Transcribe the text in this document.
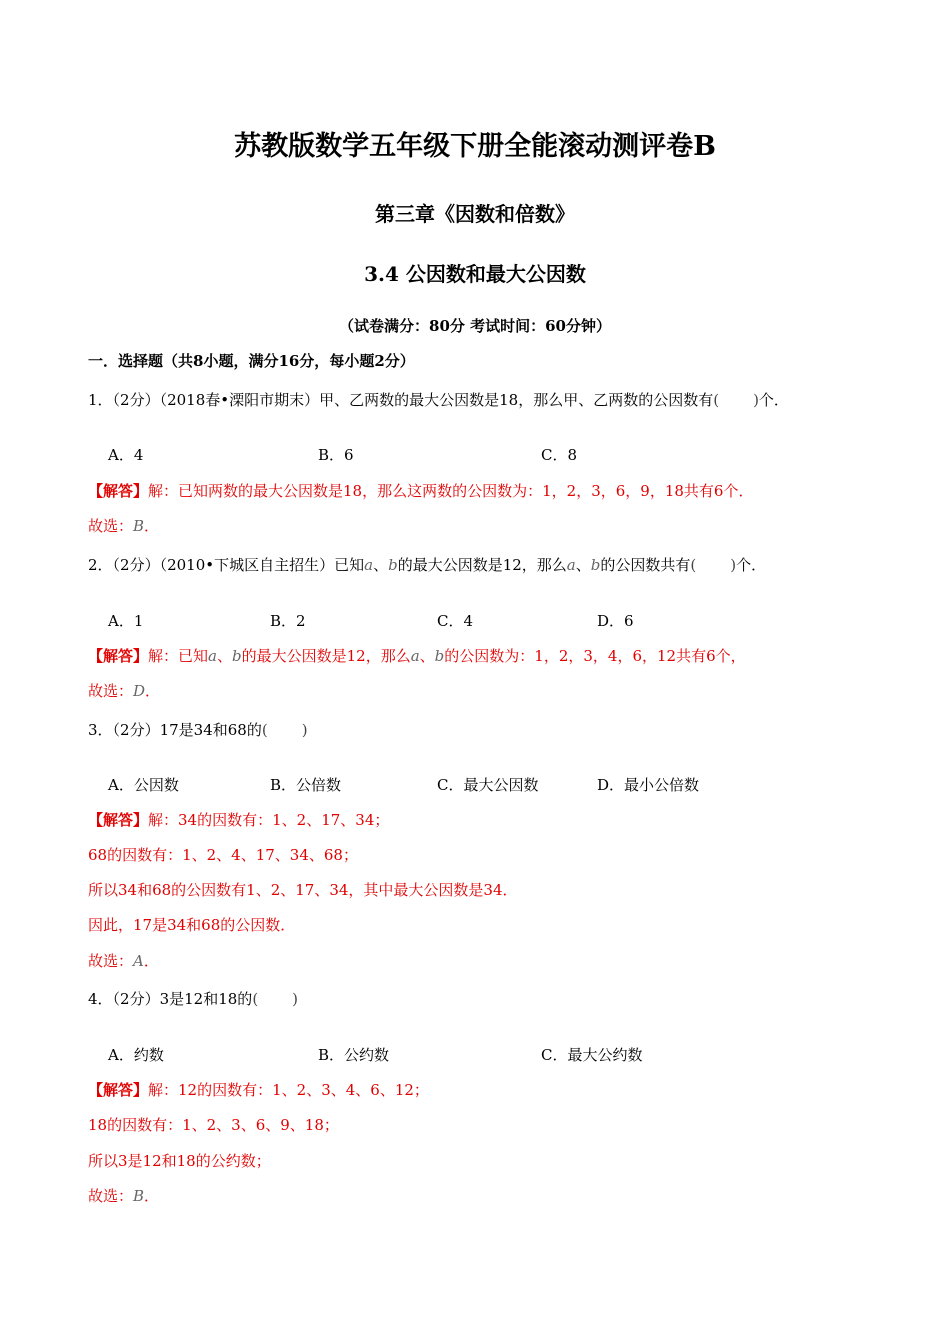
苏教版数学五年级下册全能滚动测评卷B
第三章《因数和倍数》
3.4 公因数和最大公因数
（试卷满分：80分 考试时间：60分钟）
一．选择题（共8小题，满分16分，每小题2分）
1．（2分）（2018春•溧阳市期末）甲、乙两数的最大公因数是18，那么甲、乙两数的公因数有( )个．
A．4	B．6	C．8
【解答】解：已知两数的最大公因数是18，那么这两数的公因数为：1，2，3，6，9，18共有6个．
故选：B．
2．（2分）（2010•下城区自主招生）已知a、b的最大公因数是12，那么a、b的公因数共有( )个．
A．1	B．2	C．4	D．6
【解答】解：已知a、b的最大公因数是12，那么a、b的公因数为：1，2，3，4，6，12共有6个，
故选：D．
3．（2分）17是34和68的( )
A．公因数	B．公倍数	C．最大公因数	D．最小公倍数
【解答】解：34的因数有：1、2、17、34；
68的因数有：1、2、4、17、34、68；
所以34和68的公因数有1、2、17、34，其中最大公因数是34．
因此，17是34和68的公因数．
故选：A．
4．（2分）3是12和18的( )
A．约数	B．公约数	C．最大公约数
【解答】解：12的因数有：1、2、3、4、6、12；
18的因数有：1、2、3、6、9、18；
所以3是12和18的公约数；
故选：B．
